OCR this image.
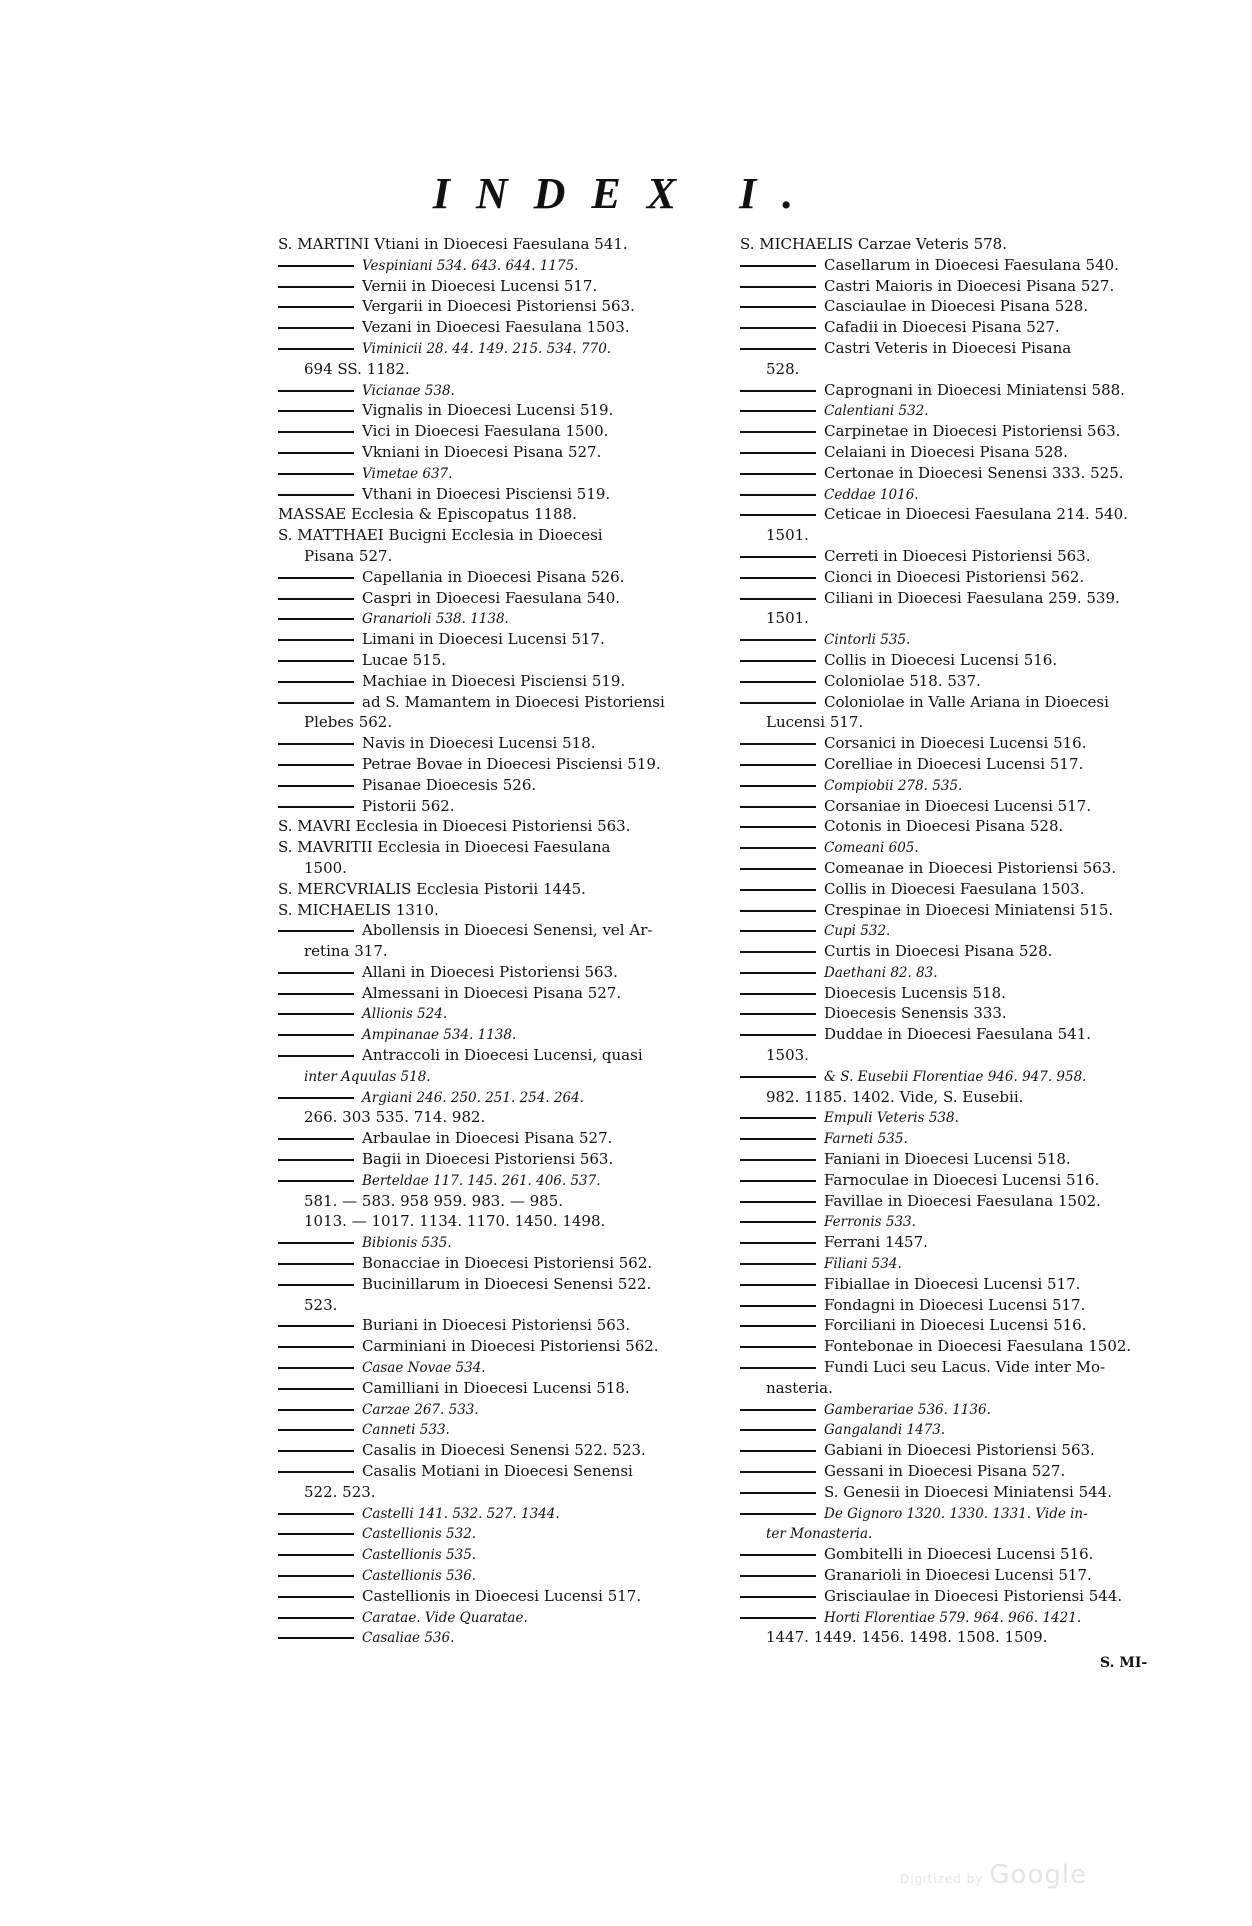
INDEX I.
S. MARTINI Vtiani in Dioecesi Faesulana 541.
Vespiniani 534. 643. 644. 1175.
Vernii in Dioecesi Lucensi 517.
Vergarii in Dioecesi Pistoriensi 563.
Vezani in Dioecesi Faesulana 1503.
Viminicii 28. 44. 149. 215. 534. 770.
694 SS. 1182.
Vicianae 538.
Vignalis in Dioecesi Lucensi 519.
Vici in Dioecesi Faesulana 1500.
Vkniani in Dioecesi Pisana 527.
Vimetae 637.
Vthani in Dioecesi Pisciensi 519.
MASSAE Ecclesia & Episcopatus 1188.
S. MATTHAEI Bucigni Ecclesia in Dioecesi
Pisana 527.
Capellania in Dioecesi Pisana 526.
Caspri in Dioecesi Faesulana 540.
Granarioli 538. 1138.
Limani in Dioecesi Lucensi 517.
Lucae 515.
Machiae in Dioecesi Pisciensi 519.
ad S. Mamantem in Dioecesi Pistoriensi
Plebes 562.
Navis in Dioecesi Lucensi 518.
Petrae Bovae in Dioecesi Pisciensi 519.
Pisanae Dioecesis 526.
Pistorii 562.
S. MAVRI Ecclesia in Dioecesi Pistoriensi 563.
S. MAVRITII Ecclesia in Dioecesi Faesulana
1500.
S. MERCVRIALIS Ecclesia Pistorii 1445.
S. MICHAELIS 1310.
Abollensis in Dioecesi Senensi, vel Ar-
retina 317.
Allani in Dioecesi Pistoriensi 563.
Almessani in Dioecesi Pisana 527.
Allionis 524.
Ampinanae 534. 1138.
Antraccoli in Dioecesi Lucensi, quasi
inter Aquulas 518.
Argiani 246. 250. 251. 254. 264.
266. 303 535. 714. 982.
Arbaulae in Dioecesi Pisana 527.
Bagii in Dioecesi Pistoriensi 563.
Berteldae 117. 145. 261. 406. 537.
581. — 583. 958 959. 983. — 985.
1013. — 1017. 1134. 1170. 1450. 1498.
Bibionis 535.
Bonacciae in Dioecesi Pistoriensi 562.
Bucinillarum in Dioecesi Senensi 522.
523.
Buriani in Dioecesi Pistoriensi 563.
Carminiani in Dioecesi Pistoriensi 562.
Casae Novae 534.
Camilliani in Dioecesi Lucensi 518.
Carzae 267. 533.
Canneti 533.
Casalis in Dioecesi Senensi 522. 523.
Casalis Motiani in Dioecesi Senensi
522. 523.
Castelli 141. 532. 527. 1344.
Castellionis 532.
Castellionis 535.
Castellionis 536.
Castellionis in Dioecesi Lucensi 517.
Caratae. Vide Quaratae.
Casaliae 536.
S. MICHAELIS Carzae Veteris 578.
Casellarum in Dioecesi Faesulana 540.
Castri Maioris in Dioecesi Pisana 527.
Casciaulae in Dioecesi Pisana 528.
Cafadii in Dioecesi Pisana 527.
Castri Veteris in Dioecesi Pisana
528.
Caprognani in Dioecesi Miniatensi 588.
Calentiani 532.
Carpinetae in Dioecesi Pistoriensi 563.
Celaiani in Dioecesi Pisana 528.
Certonae in Dioecesi Senensi 333. 525.
Ceddae 1016.
Ceticae in Dioecesi Faesulana 214. 540.
1501.
Cerreti in Dioecesi Pistoriensi 563.
Cionci in Dioecesi Pistoriensi 562.
Ciliani in Dioecesi Faesulana 259. 539.
1501.
Cintorli 535.
Collis in Dioecesi Lucensi 516.
Coloniolae 518. 537.
Coloniolae in Valle Ariana in Dioecesi
Lucensi 517.
Corsanici in Dioecesi Lucensi 516.
Corelliae in Dioecesi Lucensi 517.
Compiobii 278. 535.
Corsaniae in Dioecesi Lucensi 517.
Cotonis in Dioecesi Pisana 528.
Comeani 605.
Comeanae in Dioecesi Pistoriensi 563.
Collis in Dioecesi Faesulana 1503.
Crespinae in Dioecesi Miniatensi 515.
Cupi 532.
Curtis in Dioecesi Pisana 528.
Daethani 82. 83.
Dioecesis Lucensis 518.
Dioecesis Senensis 333.
Duddae in Dioecesi Faesulana 541.
1503.
& S. Eusebii Florentiae 946. 947. 958.
982. 1185. 1402. Vide, S. Eusebii.
Empuli Veteris 538.
Farneti 535.
Faniani in Dioecesi Lucensi 518.
Farnoculae in Dioecesi Lucensi 516.
Favillae in Dioecesi Faesulana 1502.
Ferronis 533.
Ferrani 1457.
Filiani 534.
Fibiallae in Dioecesi Lucensi 517.
Fondagni in Dioecesi Lucensi 517.
Forciliani in Dioecesi Lucensi 516.
Fontebonae in Dioecesi Faesulana 1502.
Fundi Luci seu Lacus. Vide inter Mo-
nasteria.
Gamberariae 536. 1136.
Gangalandi 1473.
Gabiani in Dioecesi Pistoriensi 563.
Gessani in Dioecesi Pisana 527.
S. Genesii in Dioecesi Miniatensi 544.
De Gignoro 1320. 1330. 1331. Vide in-
ter Monasteria.
Gombitelli in Dioecesi Lucensi 516.
Granarioli in Dioecesi Lucensi 517.
Grisciaulae in Dioecesi Pistoriensi 544.
Horti Florentiae 579. 964. 966. 1421.
1447. 1449. 1456. 1498. 1508. 1509.
S. MI-
Digitized by Google
